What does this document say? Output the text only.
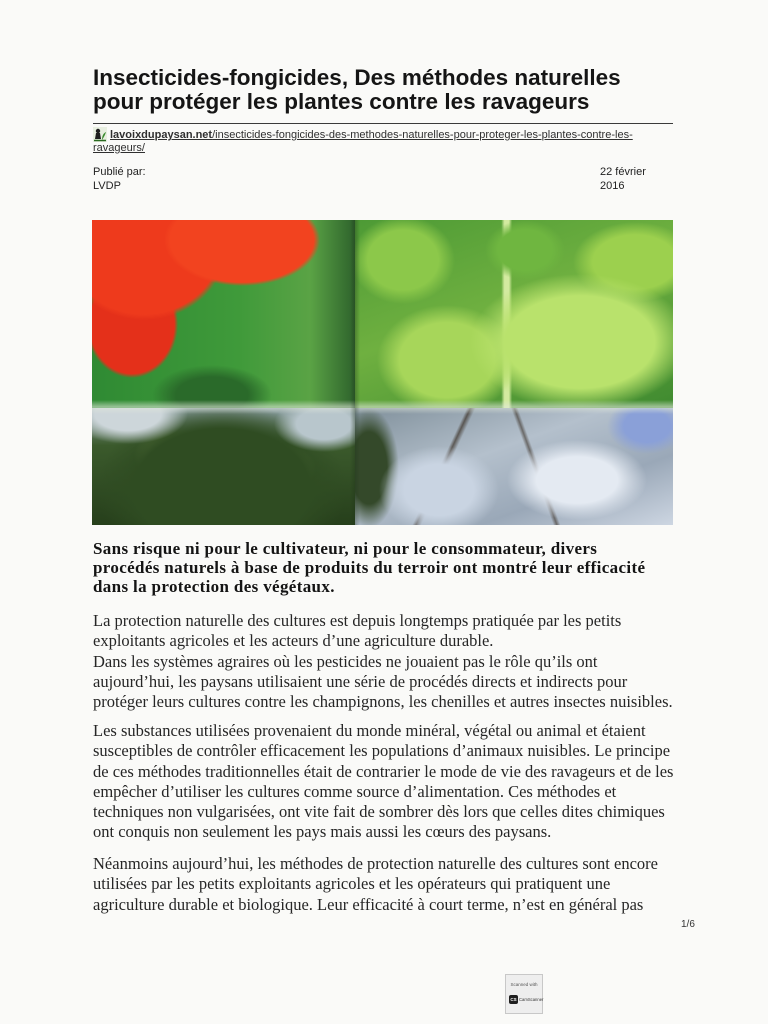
Insecticides-fongicides, Des méthodes naturelles
pour protéger les plantes contre les ravageurs
lavoixdupaysan.net/insecticides-fongicides-des-methodes-naturelles-pour-proteger-les-plantes-contre-les-
ravageurs/
Publié par:
LVDP
22 février
2016
Sans risque ni pour le cultivateur, ni pour le consommateur, divers
procédés naturels à base de produits du terroir ont montré leur efficacité
dans la protection des végétaux.
La protection naturelle des cultures est depuis longtemps pratiquée par les petits
exploitants agricoles et les acteurs d’une agriculture durable.
Dans les systèmes agraires où les pesticides ne jouaient pas le rôle qu’ils ont
aujourd’hui, les paysans utilisaient une série de procédés directs et indirects pour
protéger leurs cultures contre les champignons, les chenilles et autres insectes nuisibles.
Les substances utilisées provenaient du monde minéral, végétal ou animal et étaient
susceptibles de contrôler efficacement les populations d’animaux nuisibles. Le principe
de ces méthodes traditionnelles était de contrarier le mode de vie des ravageurs et de les
empêcher d’utiliser les cultures comme source d’alimentation. Ces méthodes et
techniques non vulgarisées, ont vite fait de sombrer dès lors que celles dites chimiques
ont conquis non seulement les pays mais aussi les cœurs des paysans.
Néanmoins aujourd’hui, les méthodes de protection naturelle des cultures sont encore
utilisées par les petits exploitants agricoles et les opérateurs qui pratiquent une
agriculture durable et biologique. Leur efficacité à court terme, n’est en général pas
1/6
Scanned with
CS CamScanner
